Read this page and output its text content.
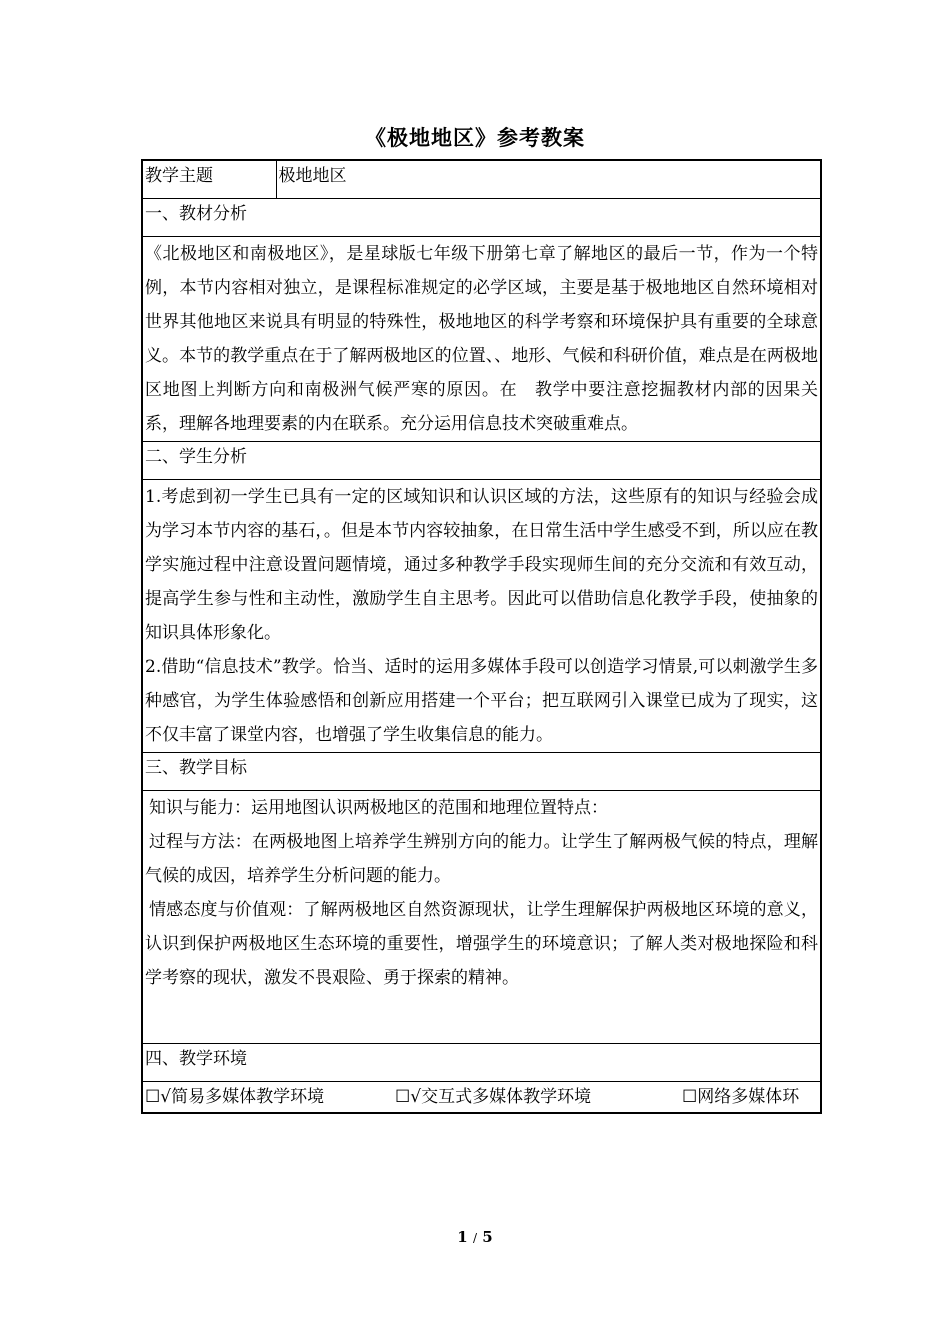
《极地地区》参考教案
教学主题	极地地区
一、教材分析

《北极地区和南极地区》，是星球版七年级下册第七章了解地区的最后一节，作为一个特例，本节内容相对独立，是课程标准规定的必学区域，主要是基于极地地区自然环境相对世界其他地区来说具有明显的特殊性，极地地区的科学考察和环境保护具有重要的全球意义。本节的教学重点在于了解两极地区的位置、、地形、气候和科研价值，难点是在两极地区地图上判断方向和南极洲气候严寒的原因。在　教学中要注意挖掘教材内部的因果关系，理解各地理要素的内在联系。充分运用信息技术突破重难点。

二、学生分析

1.考虑到初一学生已具有一定的区域知识和认识区域的方法，这些原有的知识与经验会成为学习本节内容的基石，。但是本节内容较抽象，在日常生活中学生感受不到，所以应在教学实施过程中注意设置问题情境，通过多种教学手段实现师生间的充分交流和有效互动，提高学生参与性和主动性，激励学生自主思考。因此可以借助信息化教学手段，使抽象的知识具体形象化。
2.借助“信息技术”教学。恰当、适时的运用多媒体手段可以创造学习情景,可以刺激学生多种感官，为学生体验感悟和创新应用搭建一个平台；把互联网引入课堂已成为了现实，这不仅丰富了课堂内容，也增强了学生收集信息的能力。

三、教学目标

知识与能力：运用地图认识两极地区的范围和地理位置特点：
过程与方法：在两极地图上培养学生辨别方向的能力。让学生了解两极气候的特点，理解气候的成因，培养学生分析问题的能力。
情感态度与价值观：了解两极地区自然资源现状，让学生理解保护两极地区环境的意义，认识到保护两极地区生态环境的重要性，增强学生的环境意识；了解人类对极地探险和科学考察的现状，激发不畏艰险、勇于探索的精神。

四、教学环境
☐√简易多媒体教学环境	☐√交互式多媒体教学环境	☐网络多媒体环
1 / 5
